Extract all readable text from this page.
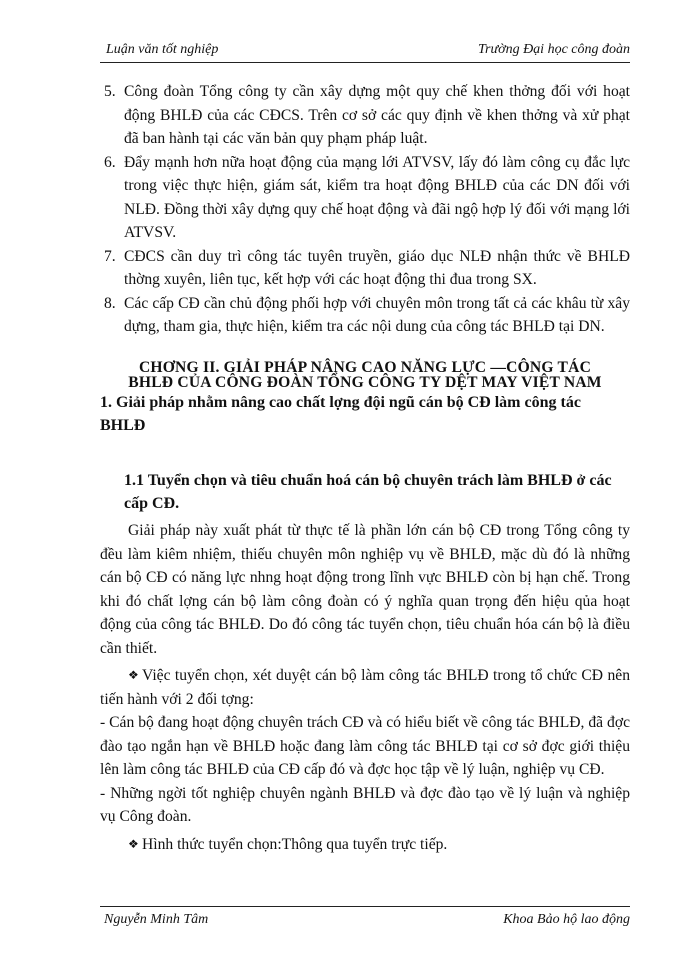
Luận văn tốt nghiệp	Trường Đại học công đoàn
5. Công đoàn Tổng công ty cần xây dựng một quy chế khen thởng đối với hoạt động BHLĐ của các CĐCS. Trên cơ sở các quy định về khen thởng và xử phạt đã ban hành tại các văn bản quy phạm pháp luật.
6. Đẩy mạnh hơn nữa hoạt động của mạng lới ATVSV, lấy đó làm công cụ đắc lực trong việc thực hiện, giám sát, kiểm tra hoạt động BHLĐ của các DN đối với NLĐ. Đồng thời xây dựng quy chế hoạt động và đãi ngộ hợp lý đối với mạng lới ATVSV.
7. CĐCS cần duy trì công tác tuyên truyền, giáo dục NLĐ nhận thức về BHLĐ thờng xuyên, liên tục, kết hợp với các hoạt động thi đua trong SX.
8. Các cấp CĐ cần chủ động phối hợp với chuyên môn trong tất cả các khâu từ xây dựng, tham gia, thực hiện, kiểm tra các nội dung của công tác BHLĐ tại DN.
CHƠNG II. GIẢI PHÁP NÂNG CAO NĂNG LỰC —CÔNG TÁC
BHLĐ CỦA CÔNG ĐOÀN TỔNG CÔNG TY DỆT MAY VIỆT NAM
1. Giải pháp nhằm nâng cao chất lợng đội ngũ cán bộ CĐ làm công tác BHLĐ
1.1 Tuyển chọn và tiêu chuẩn hoá cán bộ chuyên trách làm BHLĐ ở các cấp CĐ.
Giải pháp này xuất phát từ thực tế là phần lớn cán bộ CĐ trong Tổng công ty đều làm kiêm nhiệm, thiếu chuyên môn nghiệp vụ về BHLĐ, mặc dù đó là những cán bộ CĐ có năng lực nhng hoạt động trong lĩnh vực BHLĐ còn bị hạn chế. Trong khi đó chất lợng cán bộ làm công đoàn có ý nghĩa quan trọng đến hiệu qủa hoạt động của công tác BHLĐ. Do đó công tác tuyển chọn, tiêu chuẩn hóa cán bộ là điều cần thiết.
❖ Việc tuyển chọn, xét duyệt cán bộ làm công tác BHLĐ trong tổ chức CĐ nên tiến hành với 2 đối tợng:
- Cán bộ đang hoạt động chuyên trách CĐ và có hiểu biết về công tác BHLĐ, đã đợc đào tạo ngắn hạn về BHLĐ hoặc đang làm công tác BHLĐ tại cơ sở đợc giới thiệu lên làm công tác BHLĐ của CĐ cấp đó và đợc học tập về lý luận, nghiệp vụ CĐ.
- Những ngời tốt nghiệp chuyên ngành BHLĐ và đợc đào tạo về lý luận và nghiệp vụ Công đoàn.
❖ Hình thức tuyển chọn:Thông qua tuyển trực tiếp.
Nguyễn Minh Tâm	Khoa Bảo hộ lao động
